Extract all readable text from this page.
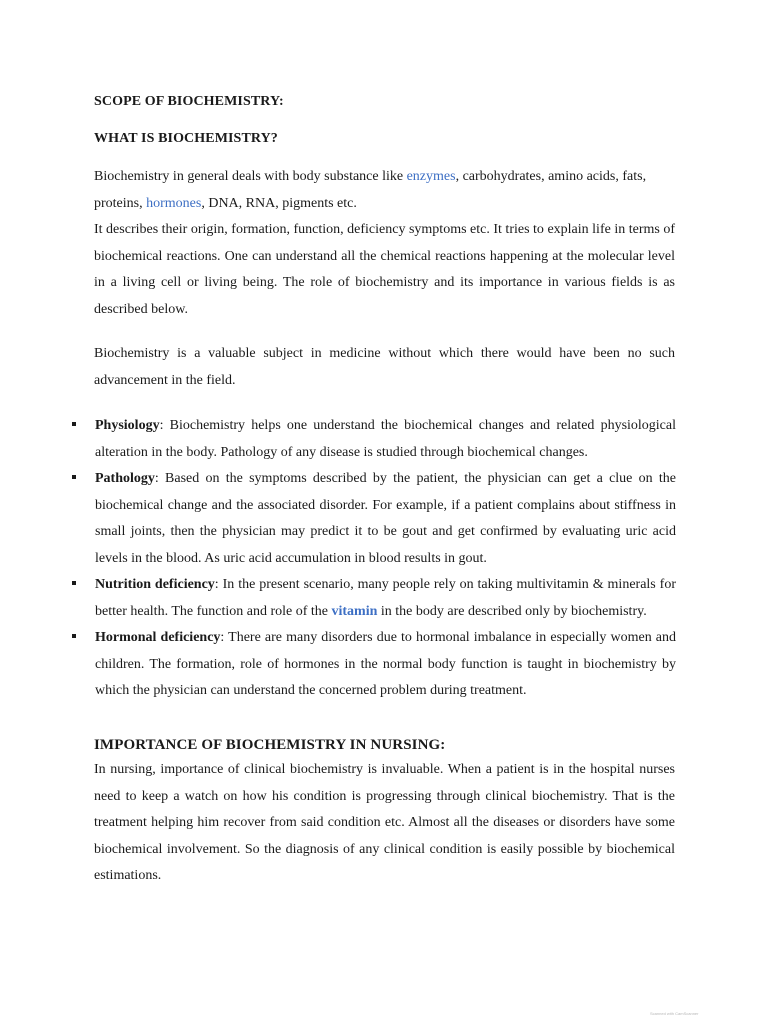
SCOPE OF BIOCHEMISTRY:
WHAT IS BIOCHEMISTRY?

Biochemistry in general deals with body substance like enzymes, carbohydrates, amino acids, fats,
proteins, hormones, DNA, RNA, pigments etc.

It describes their origin, formation, function, deficiency symptoms etc. It tries to explain life in terms of biochemical reactions. One can understand all the chemical reactions happening at the molecular level in a living cell or living being. The role of biochemistry and its importance in various fields is as described below.

Biochemistry is a valuable subject in medicine without which there would have been no such advancement in the field.

Physiology: Biochemistry helps one understand the biochemical changes and related physiological alteration in the body. Pathology of any disease is studied through biochemical changes.

Pathology: Based on the symptoms described by the patient, the physician can get a clue on the biochemical change and the associated disorder. For example, if a patient complains about stiffness in small joints, then the physician may predict it to be gout and get confirmed by evaluating uric acid levels in the blood. As uric acid accumulation in blood results in gout.

Nutrition deficiency: In the present scenario, many people rely on taking multivitamin & minerals for better health. The function and role of the vitamin in the body are described only by biochemistry.

Hormonal deficiency: There are many disorders due to hormonal imbalance in especially women and children. The formation, role of hormones in the normal body function is taught in biochemistry by which the physician can understand the concerned problem during treatment.

IMPORTANCE OF BIOCHEMISTRY IN NURSING:

In nursing, importance of clinical biochemistry is invaluable. When a patient is in the hospital nurses need to keep a watch on how his condition is progressing through clinical biochemistry. That is the treatment helping him recover from said condition etc. Almost all the diseases or disorders have some biochemical involvement. So the diagnosis of any clinical condition is easily possible by biochemical estimations.

Scanned with CamScanner
